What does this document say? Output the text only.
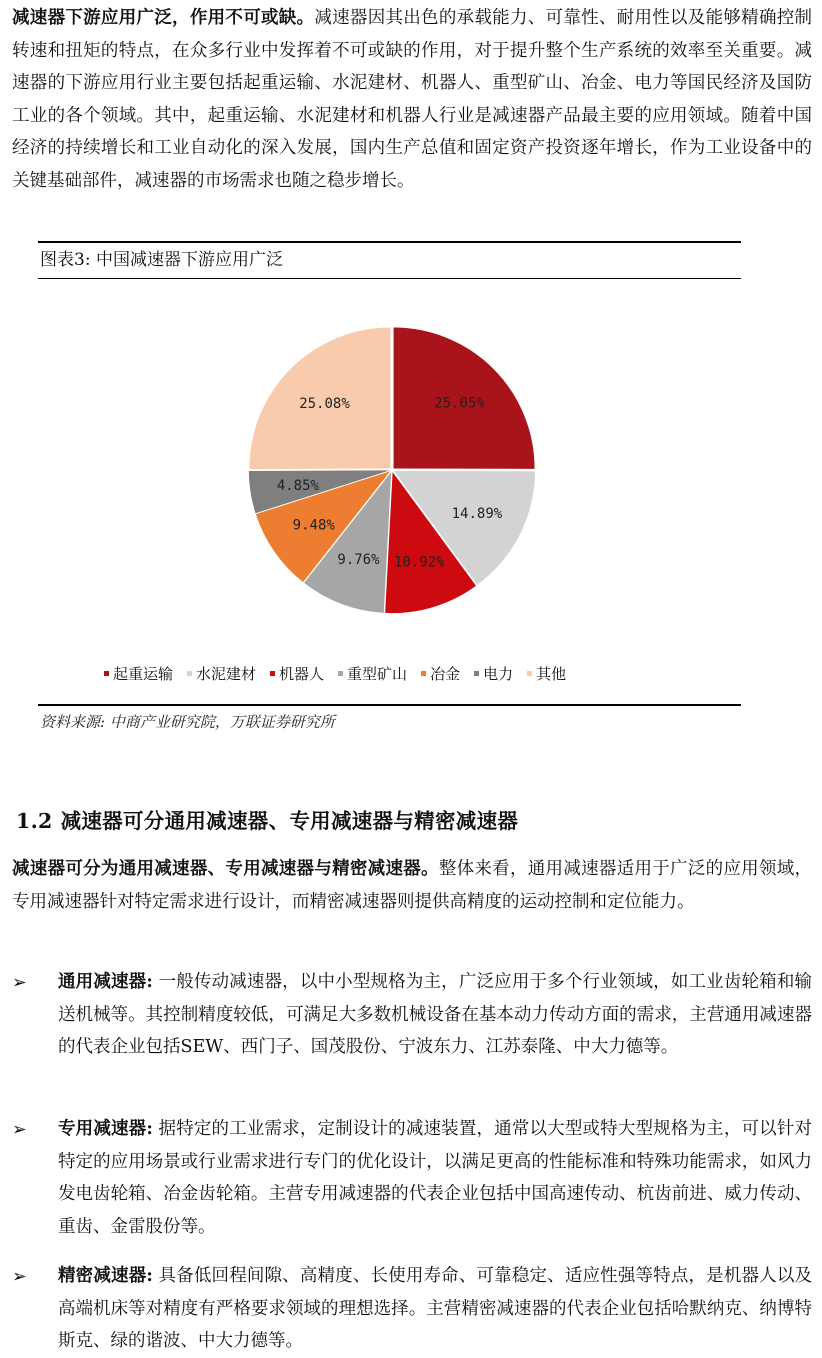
减速器下游应用广泛，作用不可或缺。减速器因其出色的承载能力、可靠性、耐用性以及能够精确控制转速和扭矩的特点，在众多行业中发挥着不可或缺的作用，对于提升整个生产系统的效率至关重要。减速器的下游应用行业主要包括起重运输、水泥建材、机器人、重型矿山、冶金、电力等国民经济及国防工业的各个领域。其中，起重运输、水泥建材和机器人行业是减速器产品最主要的应用领域。随着中国经济的持续增长和工业自动化的深入发展，国内生产总值和固定资产投资逐年增长，作为工业设备中的关键基础部件，减速器的市场需求也随之稳步增长。

图表3: 中国减速器下游应用广泛
25.05%
14.89%
10.92%
9.76%
9.48%
4.85%
25.08%
起重运输 水泥建材 机器人 重型矿山 冶金 电力 其他
资料来源: 中商产业研究院，万联证券研究所
1.2 减速器可分通用减速器、专用减速器与精密减速器

减速器可分为通用减速器、专用减速器与精密减速器。整体来看，通用减速器适用于广泛的应用领域，专用减速器针对特定需求进行设计，而精密减速器则提供高精度的运动控制和定位能力。

➢ 通用减速器: 一般传动减速器，以中小型规格为主，广泛应用于多个行业领域，如工业齿轮箱和输送机械等。其控制精度较低，可满足大多数机械设备在基本动力传动方面的需求，主营通用减速器的代表企业包括SEW、西门子、国茂股份、宁波东力、江苏泰隆、中大力德等。

➢ 专用减速器: 据特定的工业需求，定制设计的减速装置，通常以大型或特大型规格为主，可以针对特定的应用场景或行业需求进行专门的优化设计，以满足更高的性能标准和特殊功能需求，如风力发电齿轮箱、冶金齿轮箱。主营专用减速器的代表企业包括中国高速传动、杭齿前进、威力传动、重齿、金雷股份等。

➢ 精密减速器: 具备低回程间隙、高精度、长使用寿命、可靠稳定、适应性强等特点，是机器人以及高端机床等对精度有严格要求领域的理想选择。主营精密减速器的代表企业包括哈默纳克、纳博特斯克、绿的谐波、中大力德等。
